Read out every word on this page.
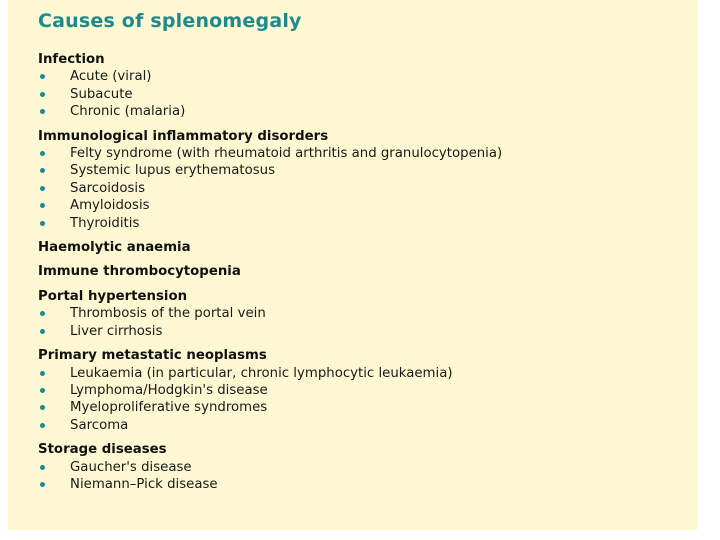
Causes of splenomegaly
Infection
Acute (viral)
Subacute
Chronic (malaria)
Immunological inflammatory disorders
Felty syndrome (with rheumatoid arthritis and granulocytopenia)
Systemic lupus erythematosus
Sarcoidosis
Amyloidosis
Thyroiditis
Haemolytic anaemia
Immune thrombocytopenia
Portal hypertension
Thrombosis of the portal vein
Liver cirrhosis
Primary metastatic neoplasms
Leukaemia (in particular, chronic lymphocytic leukaemia)
Lymphoma/Hodgkin's disease
Myeloproliferative syndromes
Sarcoma
Storage diseases
Gaucher's disease
Niemann–Pick disease
